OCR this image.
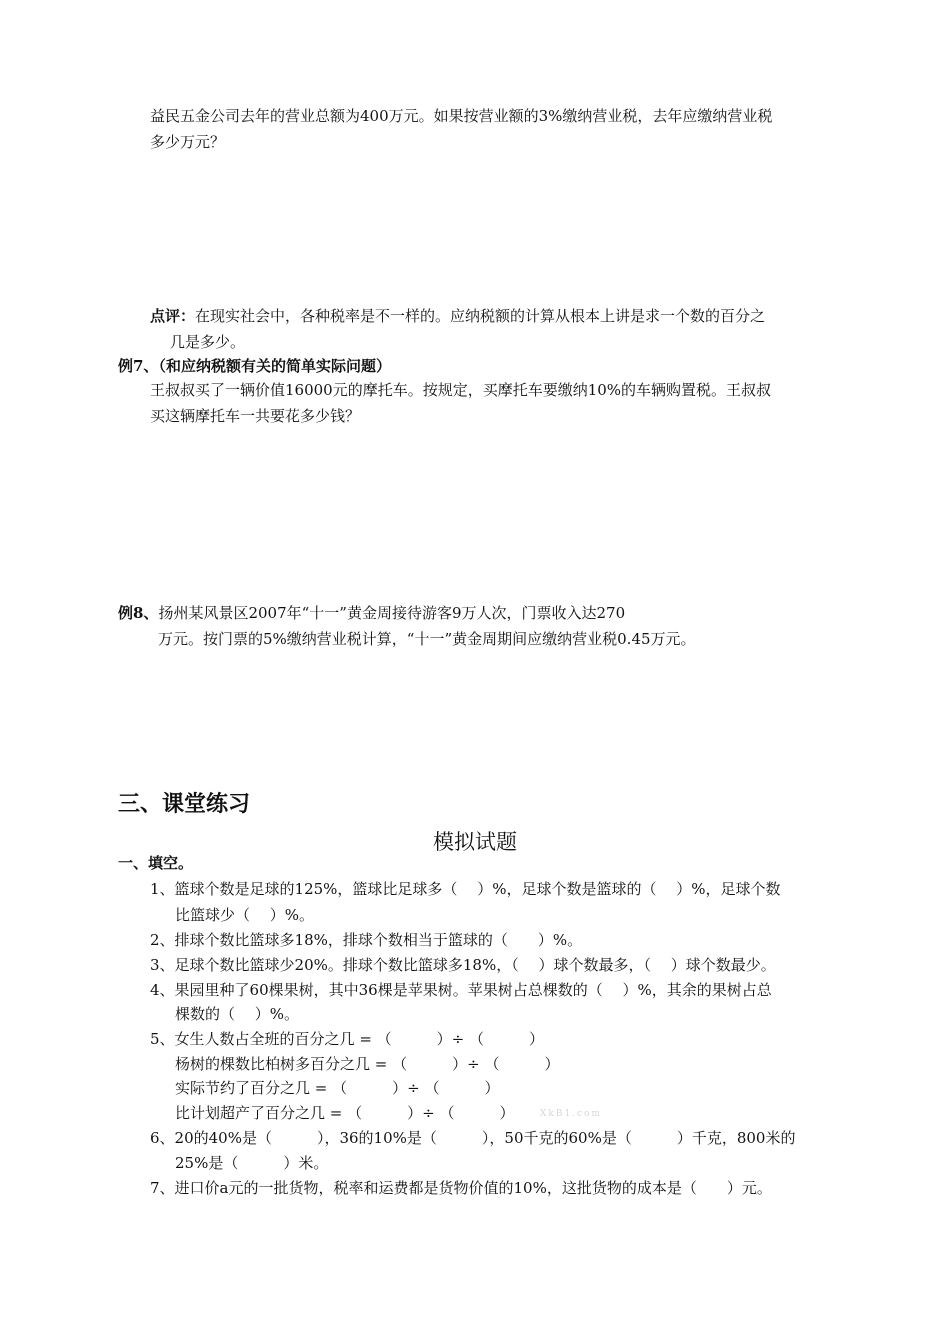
益民五金公司去年的营业总额为400万元。如果按营业额的3%缴纳营业税，去年应缴纳营业税
多少万元？
点评：在现实社会中，各种税率是不一样的。应纳税额的计算从根本上讲是求一个数的百分之
几是多少。
例7、（和应纳税额有关的简单实际问题）
王叔叔买了一辆价值16000元的摩托车。按规定，买摩托车要缴纳10%的车辆购置税。王叔叔
买这辆摩托车一共要花多少钱？
例8、扬州某风景区2007年“十一”黄金周接待游客9万人次，门票收入达270
万元。按门票的5%缴纳营业税计算，“十一”黄金周期间应缴纳营业税0.45万元。
三、课堂练习
模拟试题
一、填空。
1、篮球个数是足球的125%，篮球比足球多（　 ）%，足球个数是篮球的（　 ）%，足球个数
比篮球少（　 ）%。
2、排球个数比篮球多18%，排球个数相当于篮球的（　　）%。
3、足球个数比篮球少20%。排球个数比篮球多18%，（　 ）球个数最多，（　 ）球个数最少。
4、果园里种了60棵果树，其中36棵是苹果树。苹果树占总棵数的（　 ）%，其余的果树占总
棵数的（　 ）%。
5、女生人数占全班的百分之几 = （　　　）÷ （　　　）
杨树的棵数比柏树多百分之几 = （　　　）÷ （　　　）
实际节约了百分之几 = （　　　）÷ （　　　）
比计划超产了百分之几 = （　　　）÷ （　　　）	XkB1.com
6、20的40%是（　　　），36的10%是（　　　），50千克的60%是（　　　）千克，800米的
25%是（　　　）米。
7、进口价a元的一批货物，税率和运费都是货物价值的10%，这批货物的成本是（　　）元。
